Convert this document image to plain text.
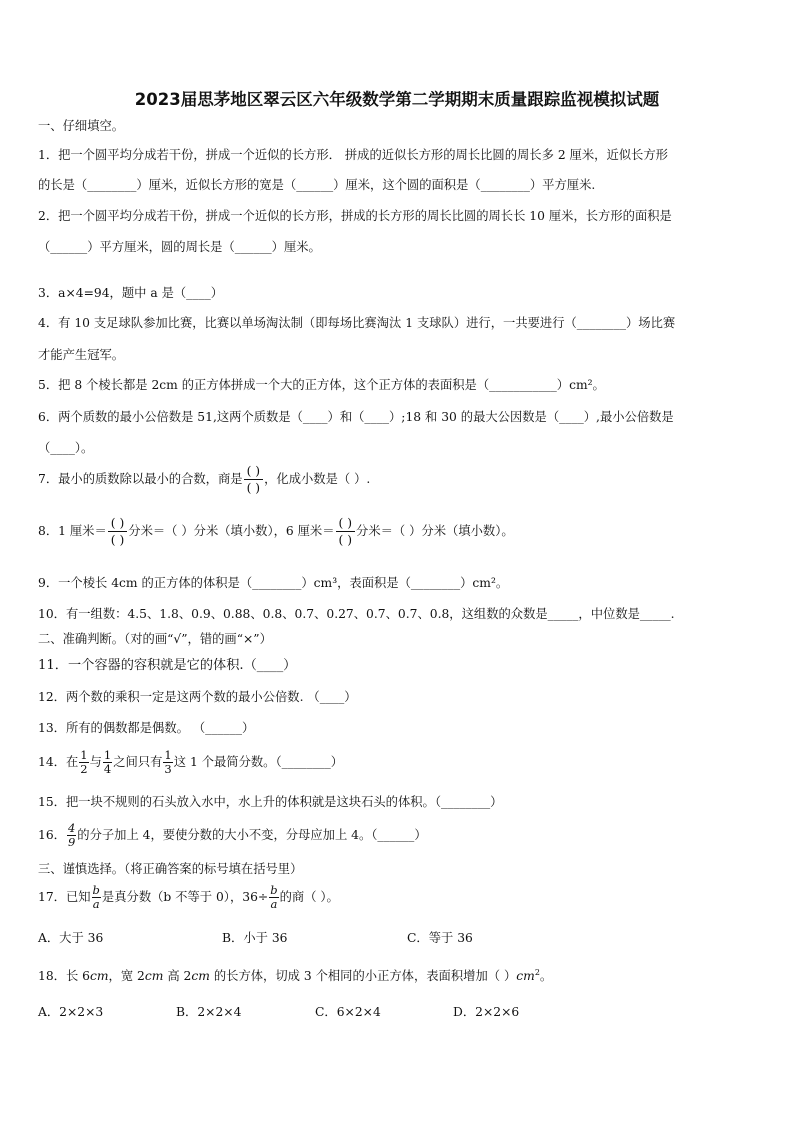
2023届思茅地区翠云区六年级数学第二学期期末质量跟踪监视模拟试题
一、仔细填空。
1．把一个圆平均分成若干份，拼成一个近似的长方形． 拼成的近似长方形的周长比圆的周长多 2 厘米，近似长方形
的长是（________）厘米，近似长方形的宽是（______）厘米，这个圆的面积是（________）平方厘米.
2．把一个圆平均分成若干份，拼成一个近似的长方形，拼成的长方形的周长比圆的周长长 10 厘米，长方形的面积是
（______）平方厘米，圆的周长是（______）厘米。
3．a×4=94，题中 a 是（____）
4．有 10 支足球队参加比赛，比赛以单场淘汰制（即每场比赛淘汰 1 支球队）进行，一共要进行（________）场比赛
才能产生冠军。
5．把 8 个棱长都是 2cm 的正方体拼成一个大的正方体，这个正方体的表面积是（___________）cm²。
6．两个质数的最小公倍数是 51,这两个质数是（____）和（____）;18 和 30 的最大公因数是（____）,最小公倍数是
（____）。
7．最小的质数除以最小的合数，商是 $\frac{( )}{( )}$ ，化成小数是（ ）.
8．1 厘米＝ $\frac{( )}{( )}$ 分米＝（ ）分米（填小数），6 厘米＝ $\frac{( )}{( )}$ 分米＝（ ）分米（填小数）。
9．一个棱长 4cm 的正方体的体积是（________）cm³，表面积是（________）cm²。
10．有一组数：4.5、1.8、0.9、0.88、0.8、0.7、0.27、0.7、0.7、0.8，这组数的众数是_____，中位数是_____.
二、准确判断。（对的画“√”，错的画“×”）
11．一个容器的容积就是它的体积.（____）
12．两个数的乘积一定是这两个数的最小公倍数. （____）
13．所有的偶数都是偶数。 （______）
14．在 $\frac{1}{2}$ 与 $\frac{1}{4}$ 之间只有 $\frac{1}{3}$ 这 1 个最简分数。（________）
15．把一块不规则的石头放入水中，水上升的体积就是这块石头的体积。（________）
16． $\frac{4}{9}$ 的分子加上 4，要使分数的大小不变，分母应加上 4。（______）
三、谨慎选择。（将正确答案的标号填在括号里）
17．已知 $\frac{b}{a}$ 是真分数（b 不等于 0），$36\div \frac{b}{a}$ 的商（ ）。
A．大于 36	B．小于 36	C．等于 36
18．长 6cm，宽 2cm 高 2cm 的长方体，切成 3 个相同的小正方体，表面积增加（ ）$cm^2$。
A．2×2×3	B．2×2×4	C．6×2×4	D．2×2×6
